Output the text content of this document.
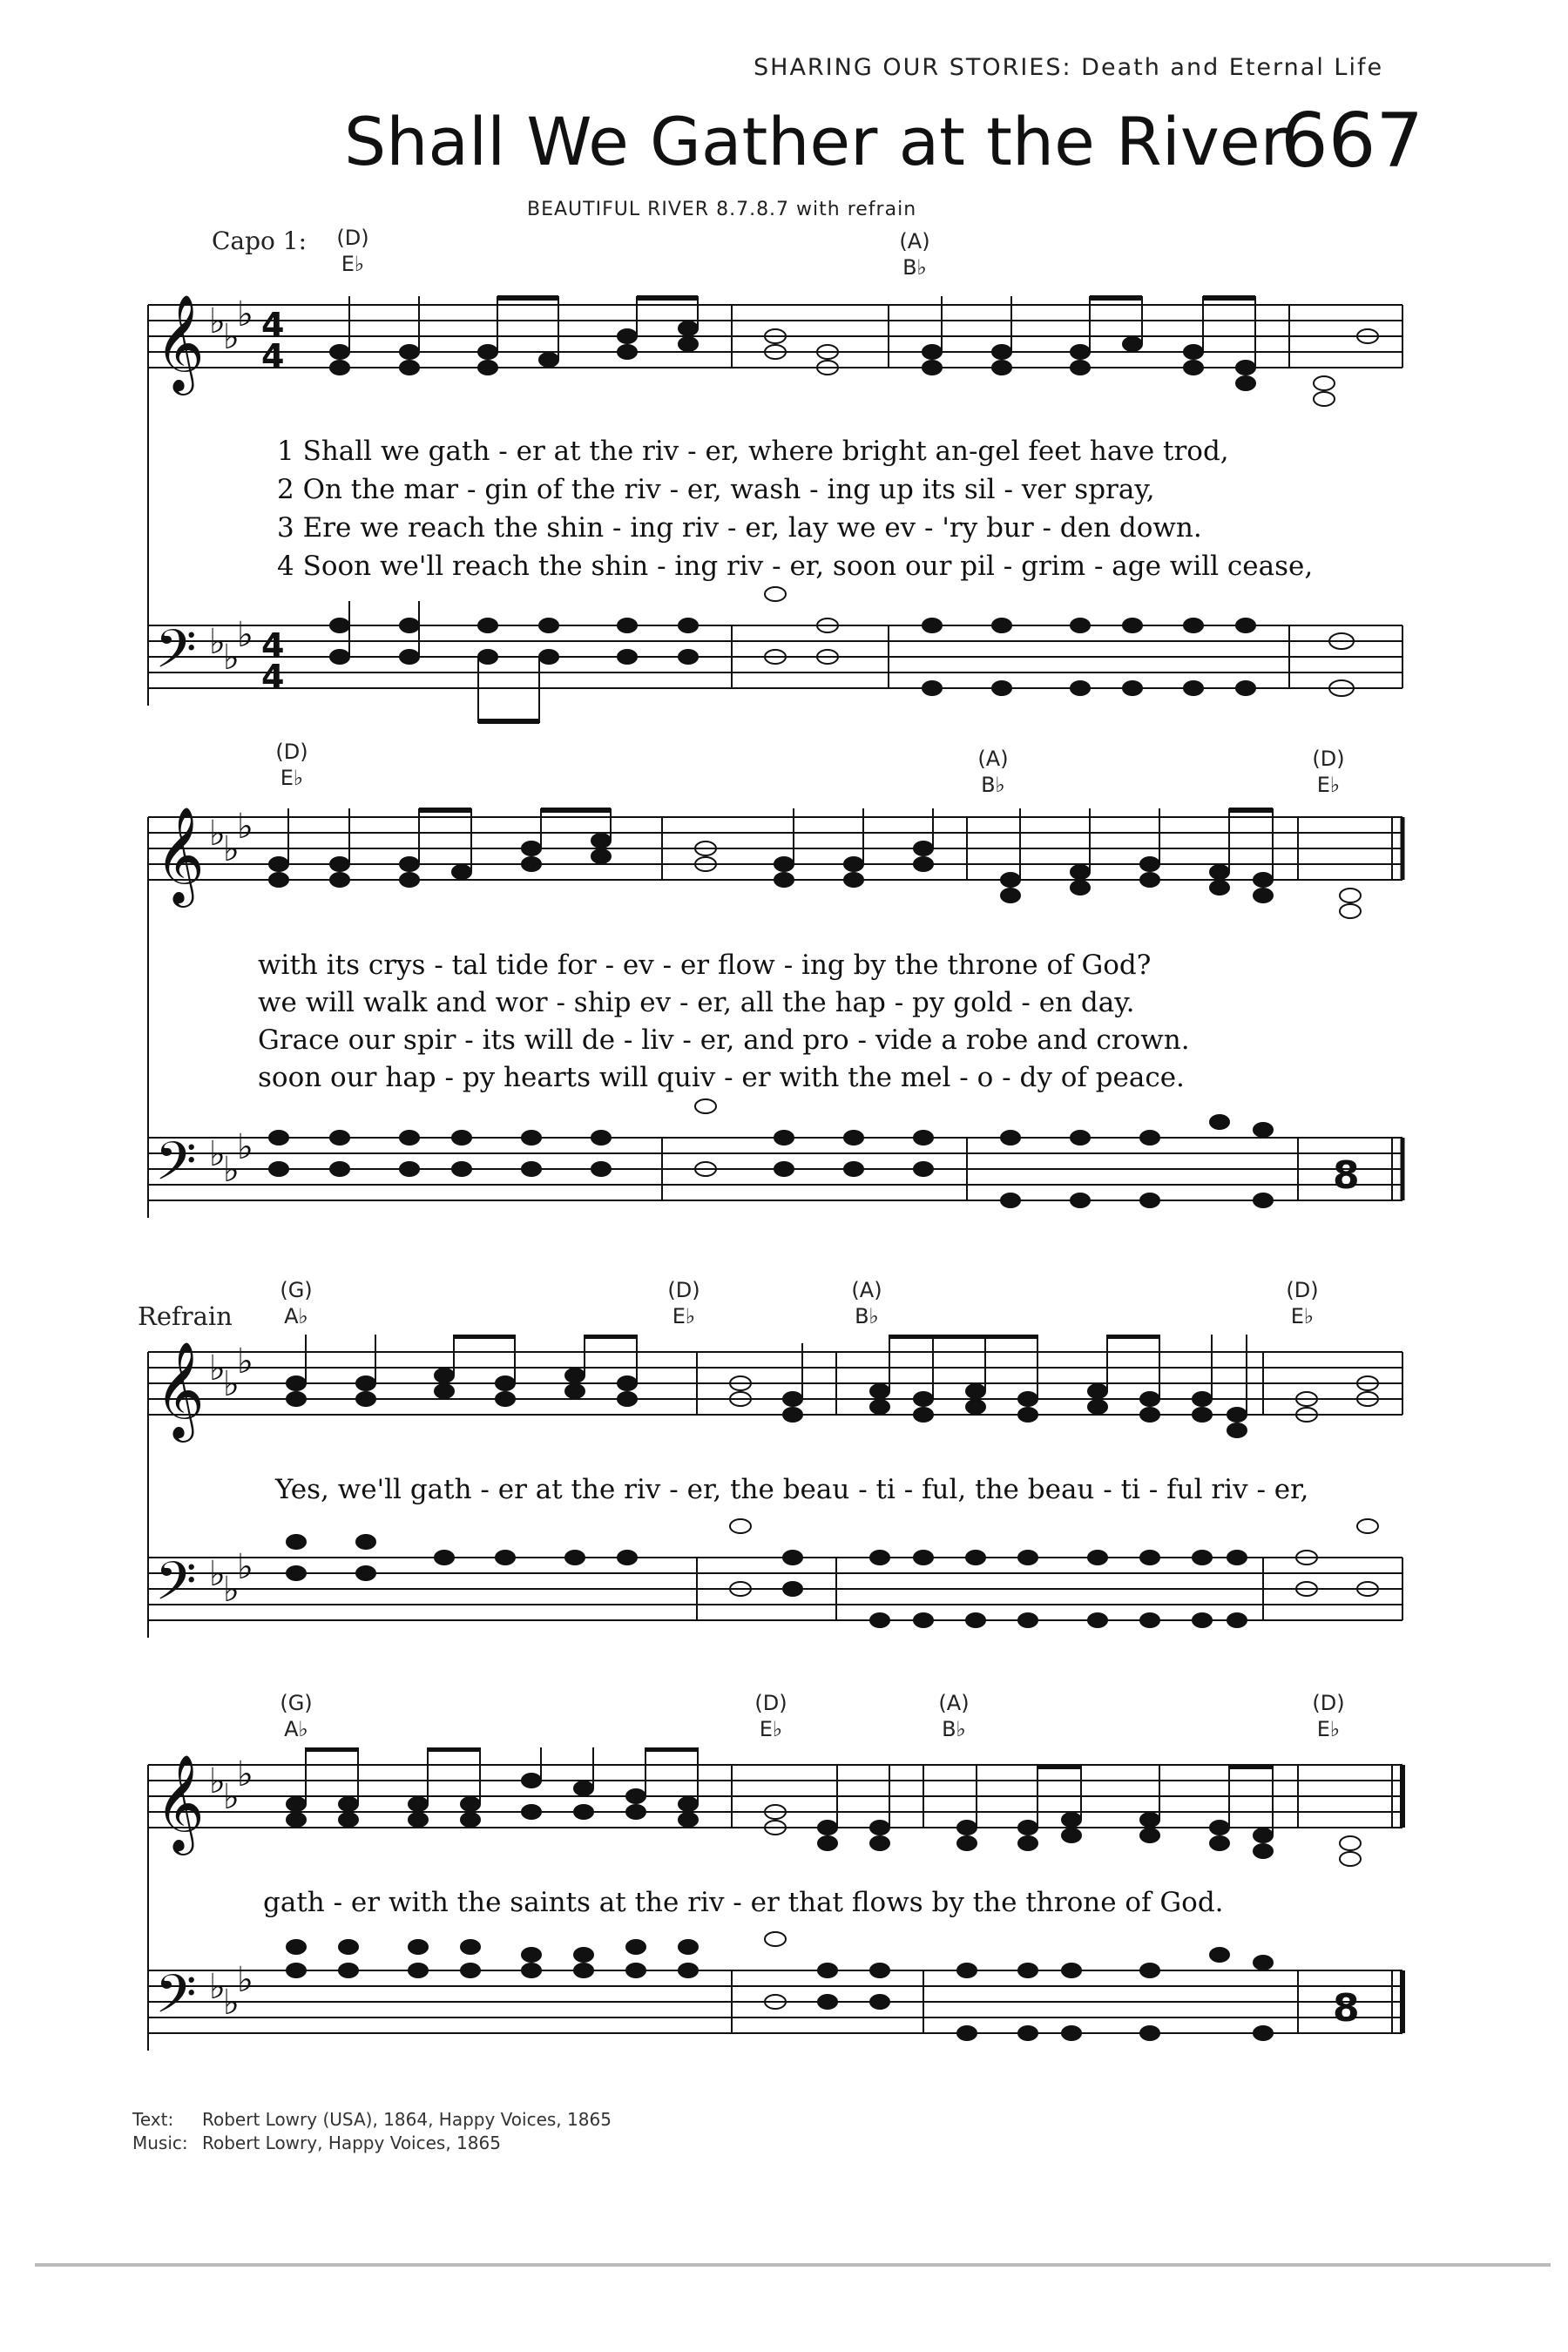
SHARING OUR STORIES: Death and Eternal Life
Shall We Gather at the River
667
BEAUTIFUL RIVER 8.7.8.7 with refrain
Capo 1:	(D)
E♭
(A)
B♭
𝄞
𝄢
♭
♭
♭
♭
♭
♭
4
4
4
4
1 Shall we gath - er at the riv - er, where bright an-gel feet have trod,
2 On the mar - gin of the riv - er, wash - ing up its sil - ver spray,
3 Ere we reach the shin - ing riv - er, lay we ev - 'ry bur - den down.
4 Soon we'll reach the shin - ing riv - er, soon our pil - grim - age will cease,
(D)
E♭
(A)
B♭
(D)
E♭
𝄞
𝄢
♭
♭
♭
♭
♭
♭
8
with its crys - tal tide for - ev - er flow - ing by the throne of God?
we will walk and wor - ship ev - er, all the hap - py gold - en day.
Grace our spir - its will de - liv - er, and pro - vide a robe and crown.
soon our hap - py hearts will quiv - er with the mel - o - dy of peace.
Refrain
(G)
A♭
(D)
E♭
(A)
B♭
(D)
E♭
𝄞
𝄢
♭
♭
♭
♭
♭
♭
Yes, we'll gath - er at the riv - er, the beau - ti - ful, the beau - ti - ful riv - er,
(G)
A♭
(D)
E♭
(A)
B♭
(D)
E♭
𝄞
𝄢
♭
♭
♭
♭
♭
♭
8
gath - er with the saints at the riv - er that flows by the throne of God.
Text: Robert Lowry (USA), 1864, Happy Voices, 1865
Music: Robert Lowry, Happy Voices, 1865
